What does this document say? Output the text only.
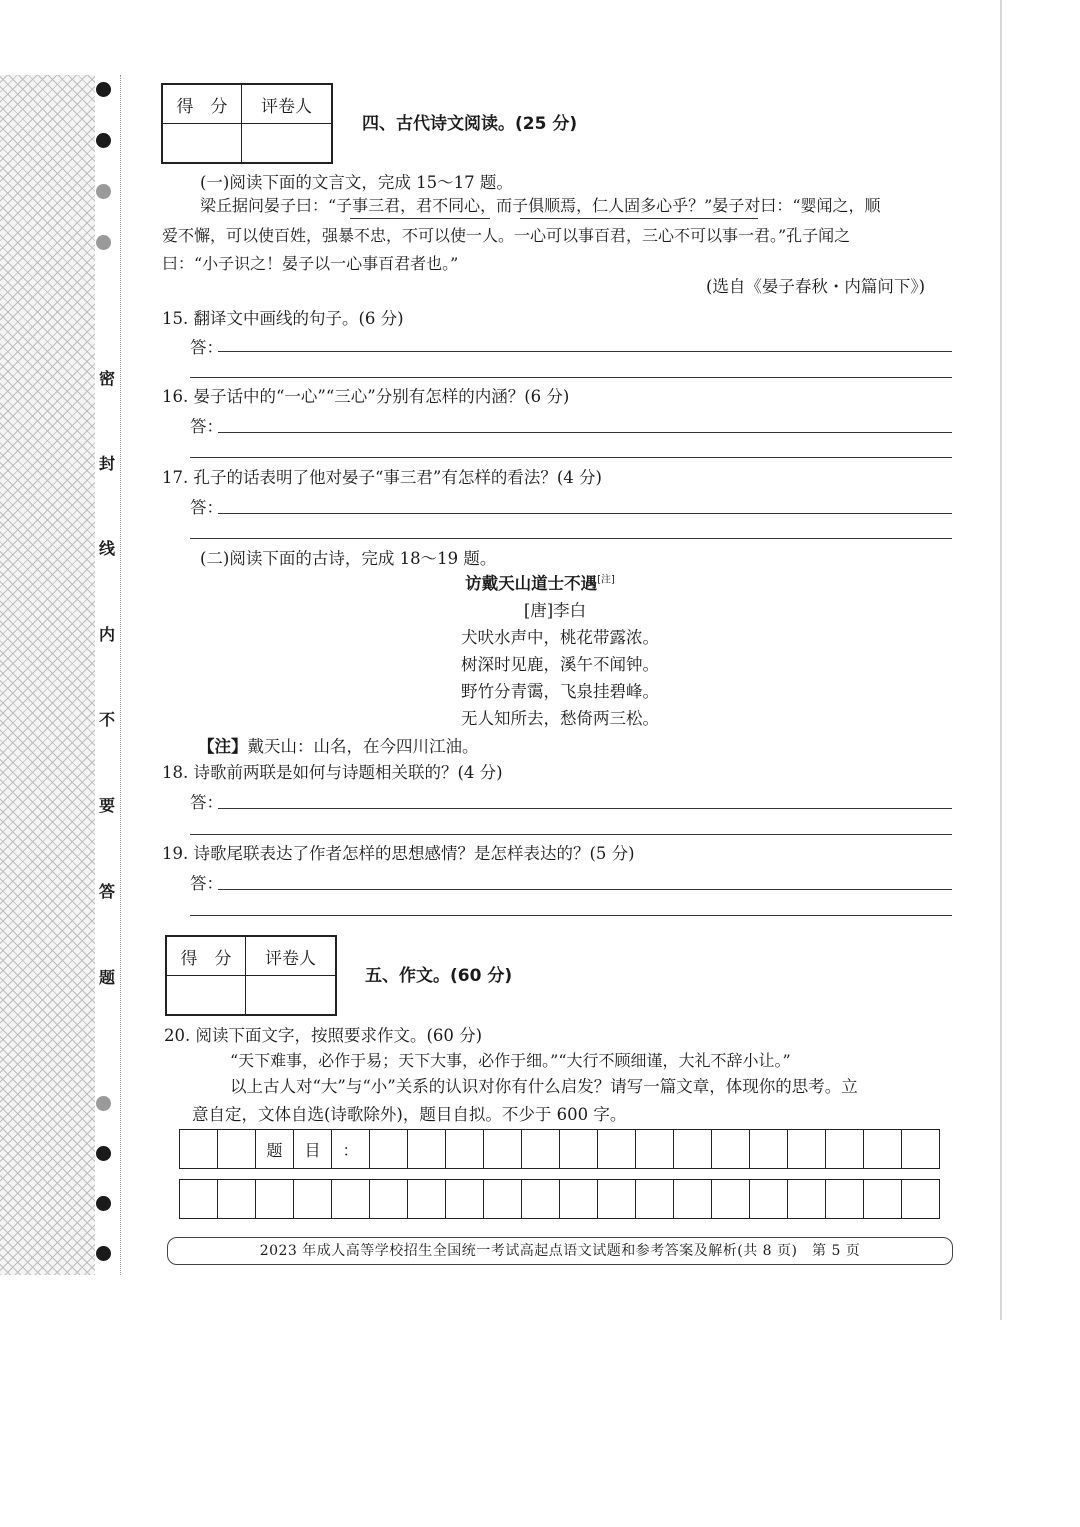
密
封
线
内
不
要
答
题
得　分	评卷人

四、古代诗文阅读。(25 分)
(一)阅读下面的文言文，完成 15～17 题。
梁丘据问晏子曰：“子事三君，君不同心，而子俱顺焉，仁人固多心乎？”晏子对曰：“婴闻之，顺
爱不懈，可以使百姓，强暴不忠，不可以使一人。一心可以事百君，三心不可以事一君。”孔子闻之
曰：“小子识之！晏子以一心事百君者也。”
(选自《晏子春秋・内篇问下》)
15. 翻译文中画线的句子。(6 分)
答：
16. 晏子话中的“一心”“三心”分别有怎样的内涵？(6 分)
答：
17. 孔子的话表明了他对晏子“事三君”有怎样的看法？(4 分)
答：
(二)阅读下面的古诗，完成 18～19 题。
访戴天山道士不遇[注]
[唐]李白
犬吠水声中，桃花带露浓。
树深时见鹿，溪午不闻钟。
野竹分青霭，飞泉挂碧峰。
无人知所去，愁倚两三松。
【注】戴天山：山名，在今四川江油。
18. 诗歌前两联是如何与诗题相关联的？(4 分)
答：
19. 诗歌尾联表达了作者怎样的思想感情？是怎样表达的？(5 分)
答：
得　分	评卷人

五、作文。(60 分)
20. 阅读下面文字，按照要求作文。(60 分)
“天下难事，必作于易；天下大事，必作于细。”“大行不顾细谨，大礼不辞小让。”
以上古人对“大”与“小”关系的认识对你有什么启发？请写一篇文章，体现你的思考。立
意自定，文体自选(诗歌除外)，题目自拟。不少于 600 字。
题	目	：
2023 年成人高等学校招生全国统一考试高起点语文试题和参考答案及解析(共 8 页)　第 5 页
